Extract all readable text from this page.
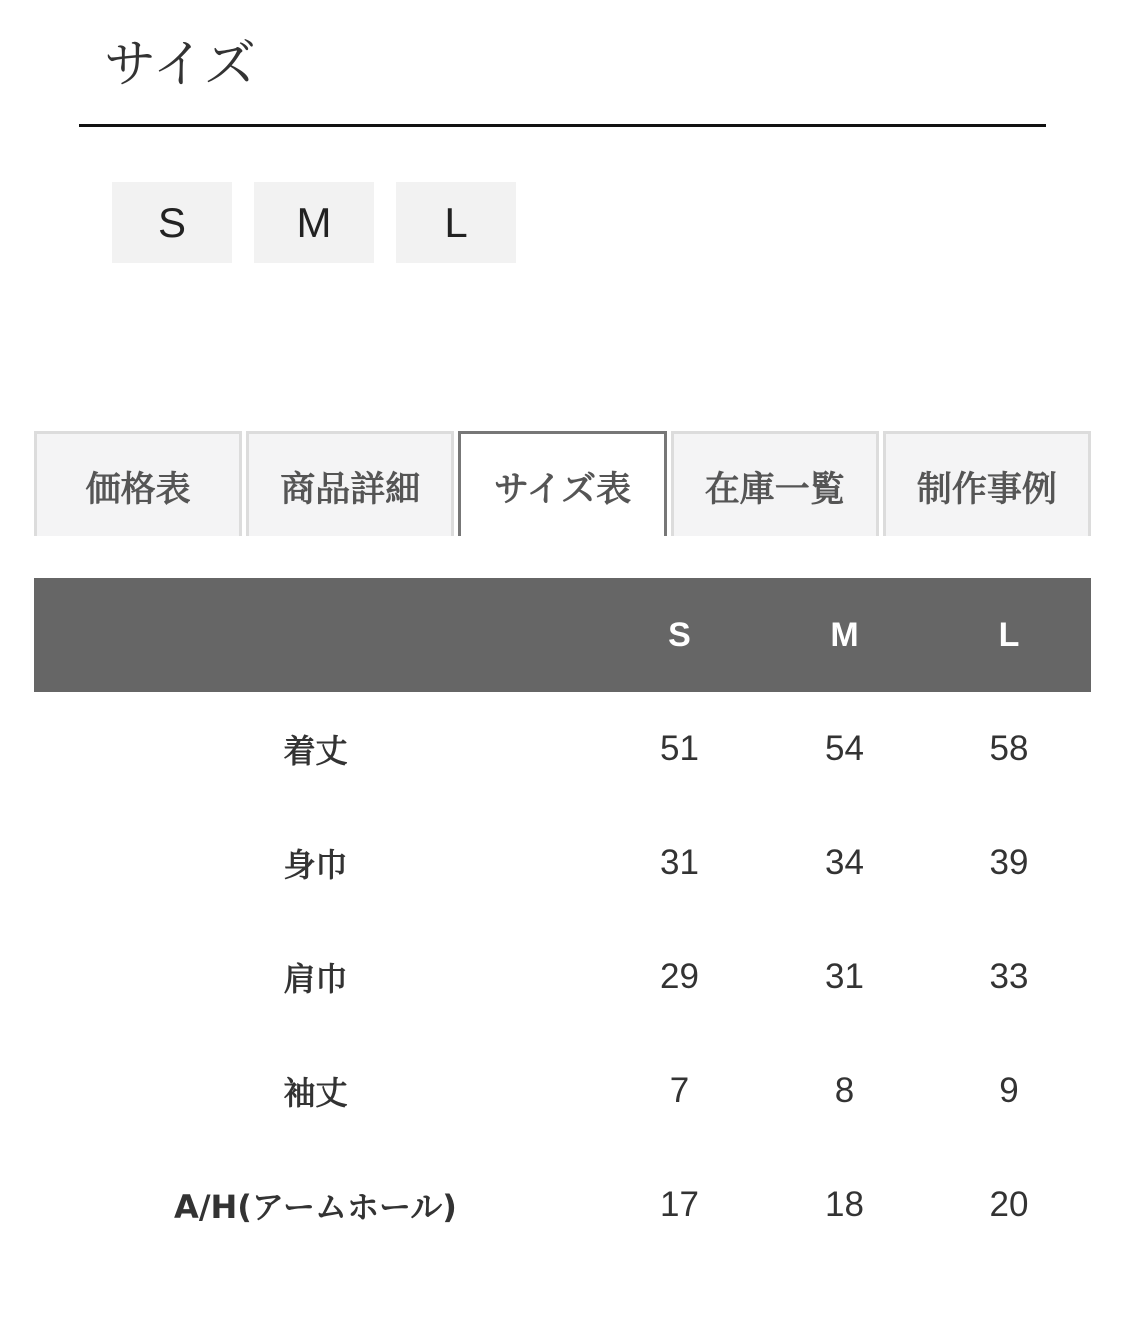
サイズ
S	M	L
価格表	商品詳細	サイズ表	在庫一覧	制作事例
	S	M	L
着丈	51	54	58
身巾	31	34	39
肩巾	29	31	33
袖丈	7	8	9
A/H(アームホール)	17	18	20
